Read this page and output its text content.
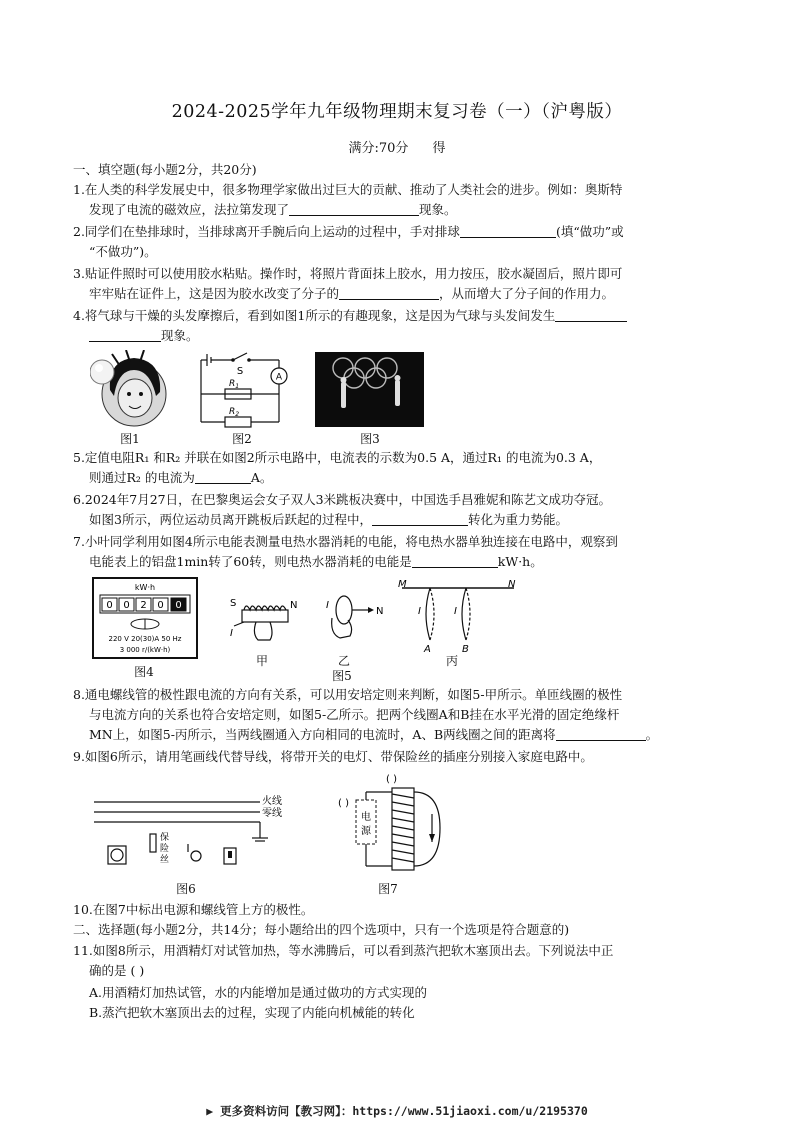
2024-2025学年九年级物理期末复习卷（一）（沪粤版）
满分:70分 得
一、填空题(每小题2分，共20分)
1.在人类的科学发展史中，很多物理学家做出过巨大的贡献、推动了人类社会的进步。例如：奥斯特
发现了电流的磁效应，法拉第发现了	现象。
2.同学们在垫排球时，当排球离开手腕后向上运动的过程中，手对排球	(填“做功”或
“不做功”)。
3.贴证件照时可以使用胶水粘贴。操作时，将照片背面抹上胶水，用力按压，胶水凝固后，照片即可
牢牢贴在证件上，这是因为胶水改变了分子的	，从而增大了分子间的作用力。
4.将气球与干燥的头发摩擦后，看到如图1所示的有趣现象，这是因为气球与头发间发生
现象。
图1
S
A
$R_1$
$R_2$
图2	图3
5.定值电阻R₁ 和R₂ 并联在如图2所示电路中，电流表的示数为0.5 A，通过R₁ 的电流为0.3 A，
则通过R₂ 的电流为	A。
6.2024年7月27日，在巴黎奥运会女子双人3米跳板决赛中，中国选手昌雅妮和陈艺文成功夺冠。
如图3所示，两位运动员离开跳板后跃起的过程中，	转化为重力势能。
7.小叶同学利用如图4所示电能表测量电热水器消耗的电能，将电热水器单独连接在电路中，观察到
电能表上的铝盘1min转了60转，则电热水器消耗的电能是	kW·h。
kW·h
0 0 2 0 0
220 V 20(30)A 50 Hz
3 000 r/(kW·h)
图4
S	N
I
N
I
M	N
I	I
A	B
甲	乙	丙
图5
8.通电螺线管的极性跟电流的方向有关系，可以用安培定则来判断，如图5-甲所示。单匝线圈的极性
与电流方向的关系也符合安培定则，如图5-乙所示。把两个线圈A和B挂在水平光滑的固定绝缘杆
MN上，如图5-丙所示，当两线圈通入方向相同的电流时，A、B两线圈之间的距离将	。
9.如图6所示，请用笔画线代替导线，将带开关的电灯、带保险丝的插座分别接入家庭电路中。
火线
零线
保
险
丝
图6
( )
( )
电
源
图7
10.在图7中标出电源和螺线管上方的极性。
二、选择题(每小题2分，共14分；每小题给出的四个选项中，只有一个选项是符合题意的)
11.如图8所示，用酒精灯对试管加热，等水沸腾后，可以看到蒸汽把软木塞顶出去。下列说法中正
确的是 ( )
A.用酒精灯加热试管，水的内能增加是通过做功的方式实现的
B.蒸汽把软木塞顶出去的过程，实现了内能向机械能的转化
▶ 更多资料访问【教习网】：https://www.51jiaoxi.com/u/2195370
